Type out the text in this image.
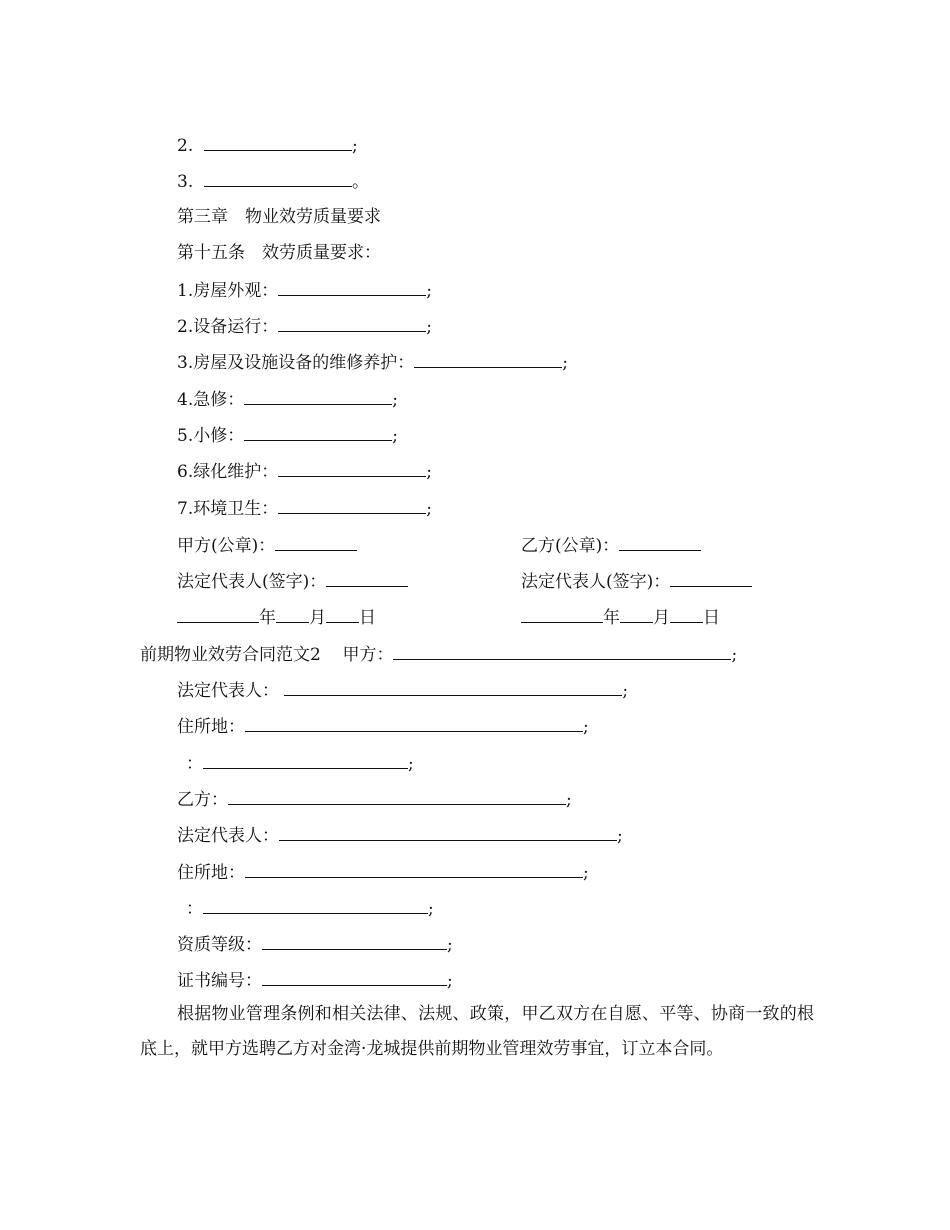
2.	;
3.	。
第三章　物业效劳质量要求
第十五条　效劳质量要求：
1.房屋外观：	;
2.设备运行：	;
3.房屋及设施设备的维修养护：	;
4.急修：	;
5.小修：	;
6.绿化维护：	;
7.环境卫生：	;
甲方(公章)：	乙方(公章)：
法定代表人(签字)：	法定代表人(签字)：
年 月 日	年 月 日
前期物业效劳合同范文2 甲方：	;
法定代表人：	;
住所地：	;
：	;
乙方：	;
法定代表人：	;
住所地：	;
：	;
资质等级：	;
证书编号：	;
根据物业管理条例和相关法律、法规、政策，甲乙双方在自愿、平等、协商一致的根底上，就甲方选聘乙方对金湾·龙城提供前期物业管理效劳事宜，订立本合同。
